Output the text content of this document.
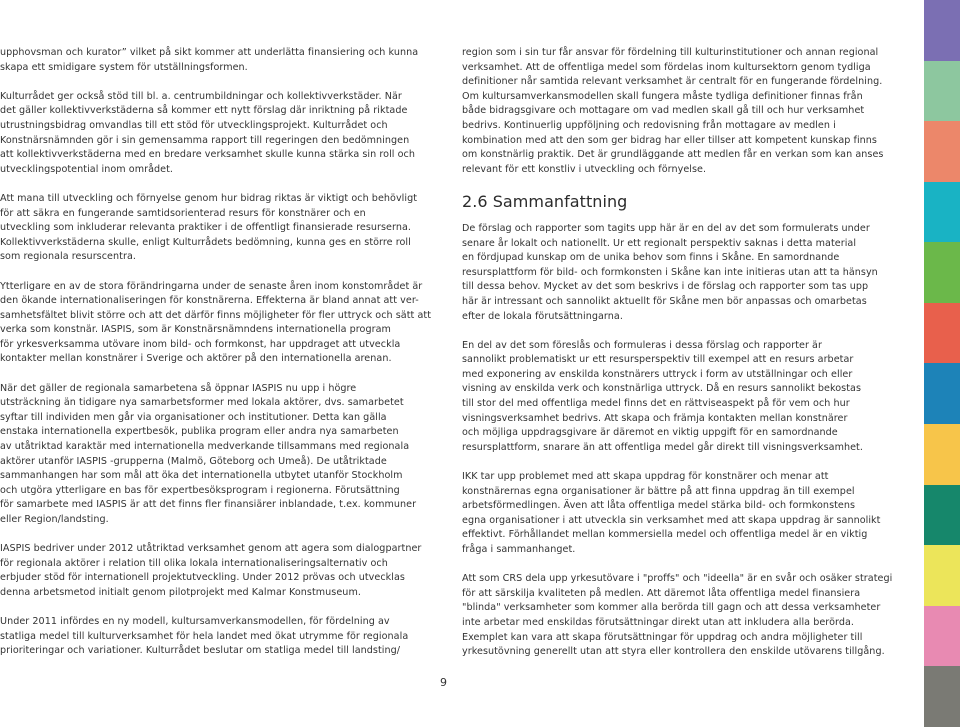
upphovsman och kurator” vilket på sikt kommer att underlätta finansiering och kunna
skapa ett smidigare system för utställningsformen.

Kulturrådet ger också stöd till bl. a. centrumbildningar och kollektivverkstäder. När
det gäller kollektivverkstäderna så kommer ett nytt förslag där inriktning på riktade
utrustningsbidrag omvandlas till ett stöd för utvecklingsprojekt. Kulturrådet och
Konstnärsnämnden gör i sin gemensamma rapport till regeringen den bedömningen
att kollektivverkstäderna med en bredare verksamhet skulle kunna stärka sin roll och
utvecklingspotential inom området.

Att mana till utveckling och förnyelse genom hur bidrag riktas är viktigt och behövligt
för att säkra en fungerande samtidsorienterad resurs för konstnärer och en
utveckling som inkluderar relevanta praktiker i de offentligt finansierade resurserna.
Kollektivverkstäderna skulle, enligt Kulturrådets bedömning, kunna ges en större roll
som regionala resurscentra.

Ytterligare en av de stora förändringarna under de senaste åren inom konstområdet är
den ökande internationaliseringen för konstnärerna. Effekterna är bland annat att ver-
samhetsfältet blivit större och att det därför finns möjligheter för fler uttryck och sätt att
verka som konstnär. IASPIS, som är Konstnärsnämndens internationella program
för yrkesverksamma utövare inom bild- och formkonst, har uppdraget att utveckla
kontakter mellan konstnärer i Sverige och aktörer på den internationella arenan.

När det gäller de regionala samarbetena så öppnar IASPIS nu upp i högre
utsträckning än tidigare nya samarbetsformer med lokala aktörer, dvs. samarbetet
syftar till individen men går via organisationer och institutioner. Detta kan gälla
enstaka internationella expertbesök, publika program eller andra nya samarbeten
av utåtriktad karaktär med internationella medverkande tillsammans med regionala
aktörer utanför IASPIS -grupperna (Malmö, Göteborg och Umeå). De utåtriktade
sammanhangen har som mål att öka det internationella utbytet utanför Stockholm
och utgöra ytterligare en bas för expertbesöksprogram i regionerna. Förutsättning
för samarbete med IASPIS är att det finns fler finansiärer inblandade, t.ex. kommuner
eller Region/landsting.

IASPIS bedriver under 2012 utåtriktad verksamhet genom att agera som dialogpartner
för regionala aktörer i relation till olika lokala internationaliseringsalternativ och
erbjuder stöd för internationell projektutveckling. Under 2012 prövas och utvecklas
denna arbetsmetod initialt genom pilotprojekt med Kalmar Konstmuseum.

Under 2011 infördes en ny modell, kultursamverkansmodellen, för fördelning av
statliga medel till kulturverksamhet för hela landet med ökat utrymme för regionala
prioriteringar och variationer. Kulturrådet beslutar om statliga medel till landsting/

region som i sin tur får ansvar för fördelning till kulturinstitutioner och annan regional
verksamhet. Att de offentliga medel som fördelas inom kultursektorn genom tydliga
definitioner når samtida relevant verksamhet är centralt för en fungerande fördelning.
Om kultursamverkansmodellen skall fungera måste tydliga definitioner finnas från
både bidragsgivare och mottagare om vad medlen skall gå till och hur verksamhet
bedrivs. Kontinuerlig uppföljning och redovisning från mottagare av medlen i
kombination med att den som ger bidrag har eller tillser att kompetent kunskap finns
om konstnärlig praktik. Det är grundläggande att medlen får en verkan som kan anses
relevant för ett konstliv i utveckling och förnyelse.

2.6 Sammanfattning

De förslag och rapporter som tagits upp här är en del av det som formulerats under
senare år lokalt och nationellt. Ur ett regionalt perspektiv saknas i detta material
en fördjupad kunskap om de unika behov som finns i Skåne. En samordnande
resursplattform för bild- och formkonsten i Skåne kan inte initieras utan att ta hänsyn
till dessa behov. Mycket av det som beskrivs i de förslag och rapporter som tas upp
här är intressant och sannolikt aktuellt för Skåne men bör anpassas och omarbetas
efter de lokala förutsättningarna.

En del av det som föreslås och formuleras i dessa förslag och rapporter är
sannolikt problematiskt ur ett resursperspektiv till exempel att en resurs arbetar
med exponering av enskilda konstnärers uttryck i form av utställningar och eller
visning av enskilda verk och konstnärliga uttryck. Då en resurs sannolikt bekostas
till stor del med offentliga medel finns det en rättviseaspekt på för vem och hur
visningsverksamhet bedrivs. Att skapa och främja kontakten mellan konstnärer
och möjliga uppdragsgivare är däremot en viktig uppgift för en samordnande
resursplattform, snarare än att offentliga medel går direkt till visningsverksamhet.

IKK tar upp problemet med att skapa uppdrag för konstnärer och menar att
konstnärernas egna organisationer är bättre på att finna uppdrag än till exempel
arbetsförmedlingen. Även att låta offentliga medel stärka bild- och formkonstens
egna organisationer i att utveckla sin verksamhet med att skapa uppdrag är sannolikt
effektivt. Förhållandet mellan kommersiella medel och offentliga medel är en viktig
fråga i sammanhanget.

Att som CRS dela upp yrkesutövare i "proffs" och "ideella" är en svår och osäker strategi
för att särskilja kvaliteten på medlen. Att däremot låta offentliga medel finansiera
"blinda" verksamheter som kommer alla berörda till gagn och att dessa verksamheter
inte arbetar med enskildas förutsättningar direkt utan att inkludera alla berörda.
Exemplet kan vara att skapa förutsättningar för uppdrag och andra möjligheter till
yrkesutövning generellt utan att styra eller kontrollera den enskilde utövarens tillgång.

9
